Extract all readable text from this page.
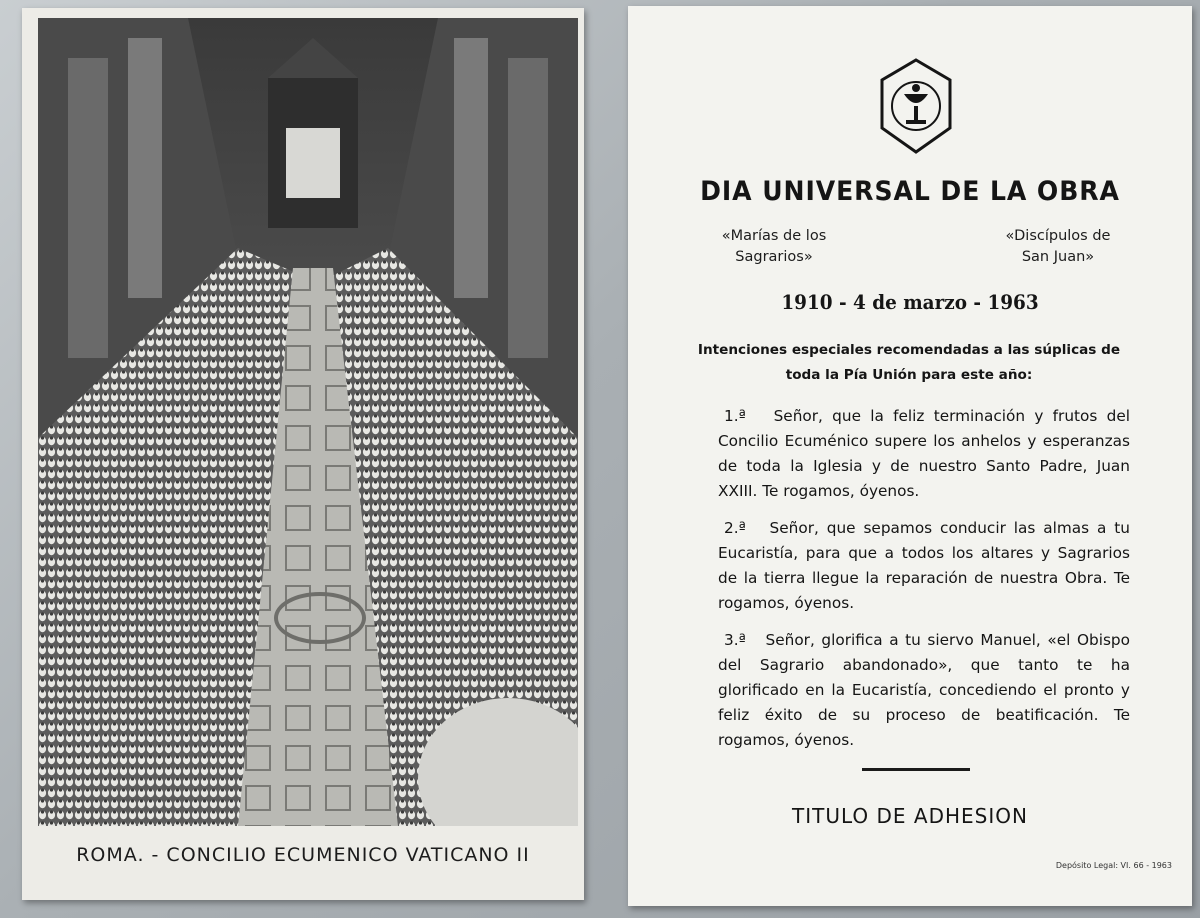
ROMA. - CONCILIO ECUMENICO VATICANO II
DIA UNIVERSAL DE LA OBRA
«Marías de los
Sagrarios»
«Discípulos de
San Juan»
1910 - 4 de marzo - 1963
Intenciones especiales recomendadas a las súplicas de toda la Pía Unión para este año:
1.ª Señor, que la feliz terminación y frutos del Concilio Ecuménico supere los anhelos y esperanzas de toda la Iglesia y de nuestro Santo Padre, Juan XXIII. Te rogamos, óyenos.
2.ª Señor, que sepamos conducir las almas a tu Eucaristía, para que a todos los altares y Sagrarios de la tierra llegue la reparación de nuestra Obra. Te rogamos, óyenos.
3.ª Señor, glorifica a tu siervo Manuel, «el Obispo del Sagrario abandonado», que tanto te ha glorificado en la Eucaristía, concediendo el pronto y feliz éxito de su proceso de beatificación. Te rogamos, óyenos.
TITULO DE ADHESION
Depósito Legal: VI. 66 - 1963
